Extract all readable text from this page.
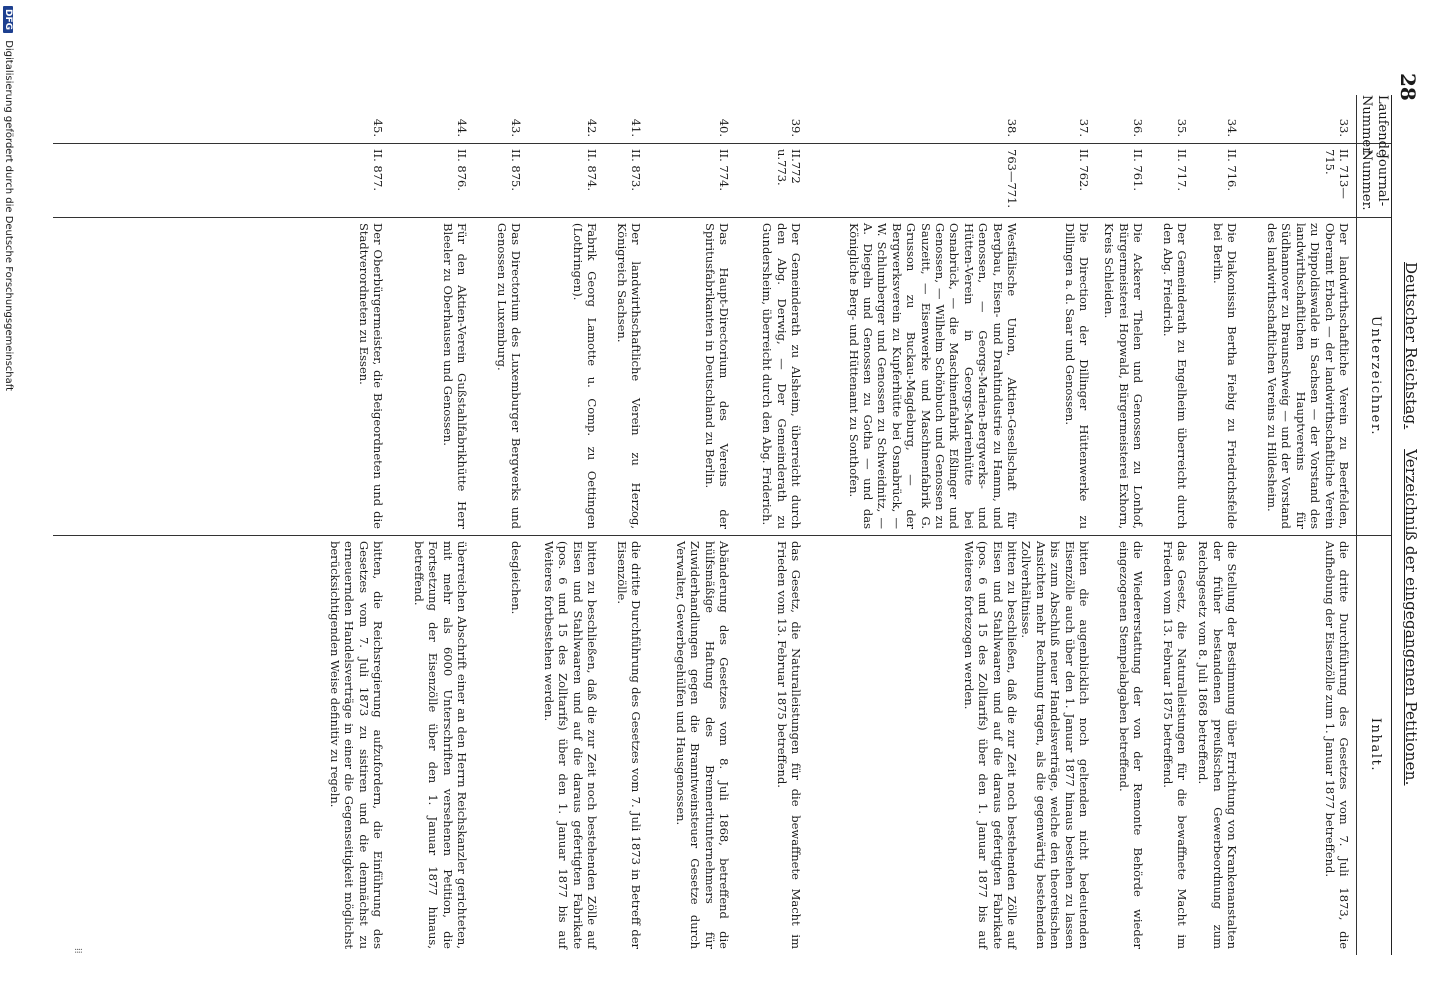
28
Deutscher Reichstag.    Verzeichniß der eingegangenen Petitionen.
Laufende Nummer.
Journal-Nummer.
Unterzeichner.
Inhalt.
33.
II. 713—715.
Der landwirthschaftliche Verein zu Beerfelden, Oberamt Erbach — der landwirthschaftliche Verein zu Dippoldiswalde in Sachsen — der Vorstand des landwirthschaftlichen Hauptvereins für Südhannover zu Braunschweig — und der Vorstand des landwirthschaftlichen Vereins zu Hildesheim.
die dritte Durchführung des Gesetzes vom 7. Juli 1873, die Aufhebung der Eisenzölle zum 1. Januar 1877 betreffend.
34.
II. 716.
Die Diakonissin Bertha Fiebig zu Friedrichsfelde bei Berlin.
die Stellung der Bestimmung über Errichtung von Krankenanstalten der früher bestandenen preußischen Gewerbeordnung zum Reichsgesetz vom 8. Juli 1868 betreffend.
35.
II. 717.
Der Gemeinderath zu Engelheim überreicht durch den Abg. Friedrich.
das Gesetz, die Naturalleistungen für die bewaffnete Macht im Frieden vom 13. Februar 1875 betreffend.
36.
II. 761.
Die Ackerer Thelen und Genossen zu Lonhof, Bürgermeisterei Hopwald, Bürgermeisterei Exhorn, Kreis Schleiden.
die Wiedererstattung der von der Remonte Behörde wieder eingezogenen Stempelabgaben betreffend.
37.
II. 762.
Die Direction der Dillinger Hüttenwerke zu Dillingen a. d. Saar und Genossen.
bitten die augenblicklich noch geltenden nicht bedeutenden Eisenzölle auch über den 1. Januar 1877 hinaus bestehen zu lassen bis zum Abschluß neuer Handelsverträge, welche den theoretischen Ansichten mehr Rechnung tragen, als die gegenwärtig bestehenden Zollverhältnisse.
38.
763—771.
Westfälische Union, Aktien-Gesellschaft für Bergbau, Eisen- und Drahtindustrie zu Hamm, und Genossen, — Georgs-Marien-Bergwerks- und Hütten-Verein in Georgs-Marienhütte bei Osnabrück, — die Maschinenfabrik Eßlinger und Genossen, — Wilhelm Schönbuch und Genossen zu Sauzeitt, — Eisenwerke und Maschinenfabrik G. Grusson zu Buckau-Magdeburg, — der Bergwerksverein zu Kupferhütte bei Osnabrück, — W. Schlumberger und Genossen zu Schweidnitz, — A. Diegeln und Genossen zu Gotha — und das Königliche Berg- und Hüttenamt zu Sonthofen.
bitten zu beschließen, daß die zur Zeit noch bestehenden Zölle auf Eisen und Stahlwaaren und auf die daraus gefertigten Fabrikate (pos. 6 und 15 des Zolltarifs) über den 1. Januar 1877 bis auf Weiteres fortezogen werden.
39.
II.772 u.773.
Der Gemeinderath zu Alsheim, überreicht durch den Abg. Derwig, — Der Gemeinderath zu Gundersheim, überreicht durch den Abg. Friderich.
das Gesetz, die Naturalleistungen für die bewaffnete Macht im Frieden vom 13. Februar 1875 betreffend.
40.
II. 774.
Das Haupt-Directorium des Vereins der Spiritusfabrikanten in Deutschland zu Berlin.
Abänderung des Gesetzes vom 8. Juli 1868, betreffend die hülfsmäßige Haftung des Brenneritunternehmers für Zuwiderhandlungen gegen die Branntweinsteuer Gesetze durch Verwalter, Gewerbegehülfen und Hausgenossen.
41.
II. 873.
Der landwirthschaftliche Verein zu Herzog, Königreich Sachsen.
die dritte Durchführung des Gesetzes vom 7. Juli 1873 in Betreff der Eisenzölle.
42.
II. 874.
Fabrik Georg Lamotte u. Comp. zu Oettingen (Lothringen).
bitten zu beschließen, daß die zur Zeit noch bestehenden Zölle auf Eisen und Stahlwaaren und auf die daraus gefertigten Fabrikate (pos. 6 und 15 des Zolltarifs) über den 1. Januar 1877 bis auf Weiteres fortbestehen werden.
43.
II. 875.
Das Directorium des Luxemburger Bergwerks und Genossen zu Luxemburg.
desgleichen.
44.
II. 876.
Für den Aktien-Verein Gußstahlfabrikhütte Herr Bleeler zu Oberhausen und Genossen.
überreichen Abschrift einer an den Herrn Reichskanzler gerichteten, mit mehr als 6000 Unterschriften versehenen Petition, die Fortsetzung der Eisenzölle über den 1. Januar 1877 hinaus, betreffend.
45.
II. 877.
Der Oberbürgermeister, die Beigeordneten und die Stadtverordneten zu Essen.
bitten, die Reichsregierung aufzufordern, die Einführung des Gesetzes vom 7. Juli 1873 zu sistiren und die demnächst zu erneuernden Handelsverträge in einer die Gegenseitigkeit möglichst berücksichtigenden Weise definitiv zu regeln.
⁞⁞
DFG Digitalisierung gefördert durch die Deutsche Forschungsgemeinschaft
